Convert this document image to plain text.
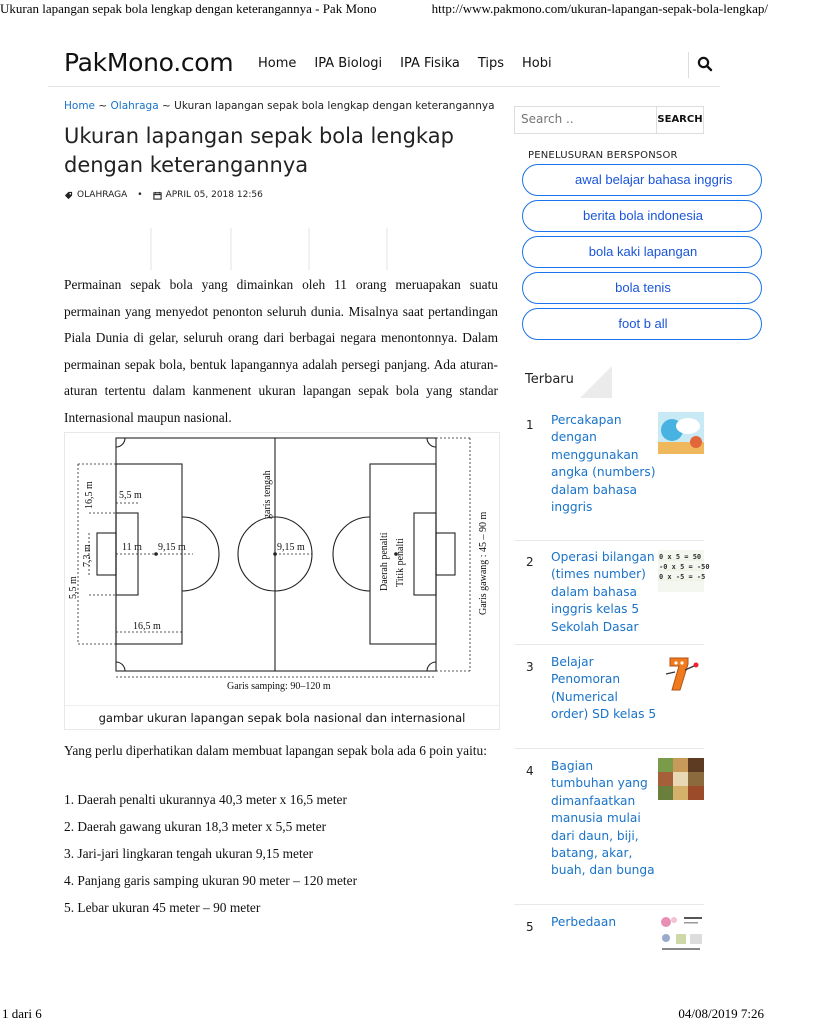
Ukuran lapangan sepak bola lengkap dengan keterangannya - Pak Mono	http://www.pakmono.com/ukuran-lapangan-sepak-bola-lengkap/
PakMono.com Home IPA Biologi IPA Fisika Tips Hobi
Home ~ Olahraga ~ Ukuran lapangan sepak bola lengkap dengan keterangannya
Ukuran lapangan sepak bola lengkap dengan keterangannya
OLAHRAGA •	APRIL 05, 2018 12:56

Permainan sepak bola yang dimainkan oleh 11 orang meruapakan suatu permainan yang menyedot penonton seluruh dunia. Misalnya saat pertandingan Piala Dunia di gelar, seluruh orang dari berbagai negara menontonnya. Dalam permainan sepak bola, bentuk lapangannya adalah persegi panjang. Ada aturan-aturan tertentu dalam kanmenent ukuran lapangan sepak bola yang standar Internasional maupun nasional.

5,5 m
11 m 9,15 m
16,5 m
9,15 m
16,5 m
7,3 m
5,5 m
garis tengah
Daerah penalti Titik penalti	Garis gawang : 45 – 90 m
Garis samping: 90–120 m
gambar ukuran lapangan sepak bola nasional dan internasional

Yang perlu diperhatikan dalam membuat lapangan sepak bola ada 6 poin yaitu:

1. Daerah penalti ukurannya 40,3 meter x 16,5 meter
2. Daerah gawang ukuran 18,3 meter x 5,5 meter
3. Jari-jari lingkaran tengah ukuran 9,15 meter
4. Panjang garis samping ukuran 90 meter – 120 meter
5. Lebar ukuran 45 meter – 90 meter
Search ..
SEARCH
PENELUSURAN BERSPONSOR
awal belajar bahasa inggris
berita bola indonesia
bola kaki lapangan
bola tenis
foot b all
Terbaru
1 Percakapan dengan menggunakan angka (numbers) dalam bahasa inggris
2 Operasi bilangan (times number) dalam bahasa inggris kelas 5 Sekolah Dasar
0 x 5 = 50
-0 x 5 = -50
0 x -5 = -5
3 Belajar Penomoran (Numerical order) SD kelas 5
4 Bagian tumbuhan yang dimanfaatkan manusia mulai dari daun, biji, batang, akar, buah, dan bunga
5 Perbedaan
1 dari 6	04/08/2019 7:26
